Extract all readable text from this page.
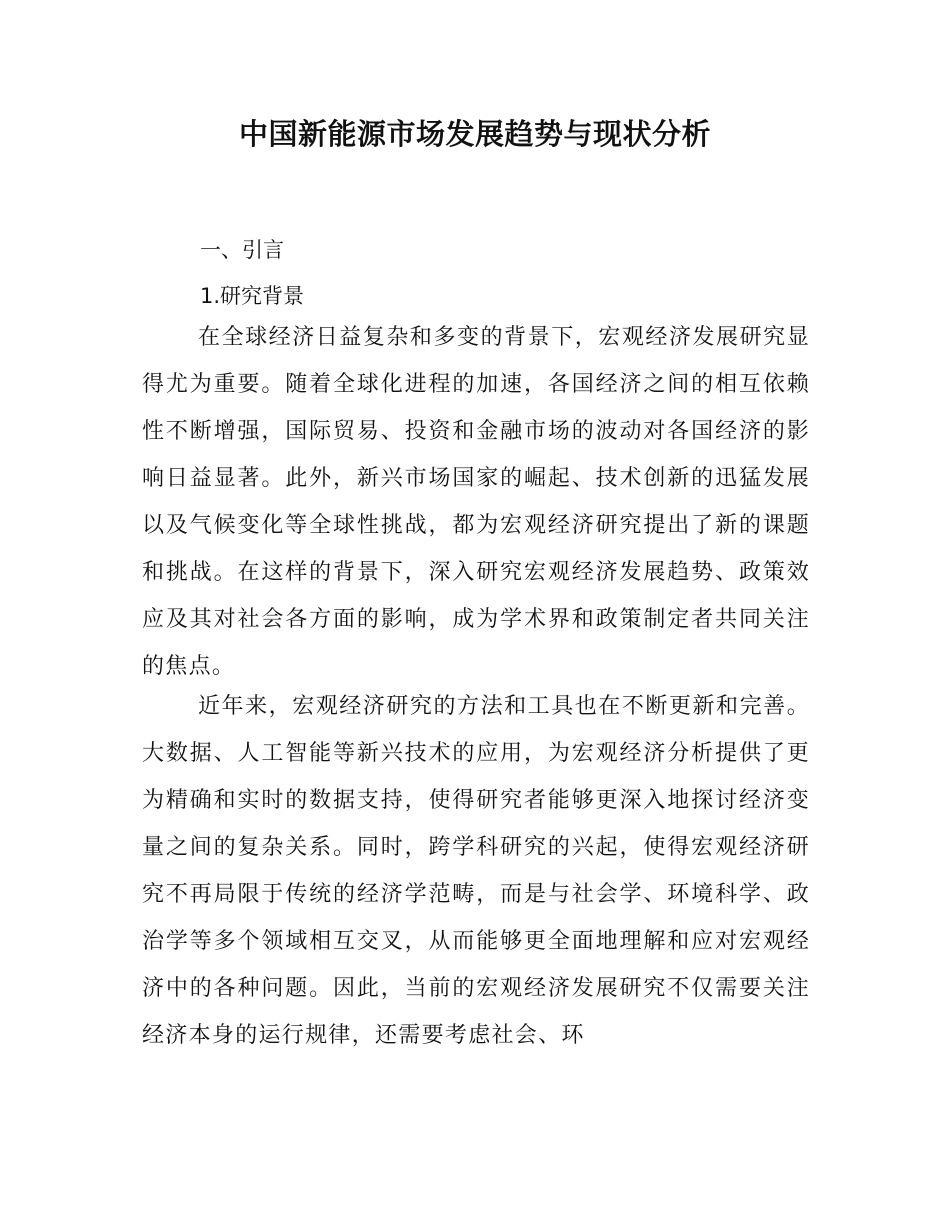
中国新能源市场发展趋势与现状分析
一、引言
1.研究背景
在全球经济日益复杂和多变的背景下，宏观经济发展研究显得尤为重要。随着全球化进程的加速，各国经济之间的相互依赖性不断增强，国际贸易、投资和金融市场的波动对各国经济的影响日益显著。此外，新兴市场国家的崛起、技术创新的迅猛发展以及气候变化等全球性挑战，都为宏观经济研究提出了新的课题和挑战。在这样的背景下，深入研究宏观经济发展趋势、政策效应及其对社会各方面的影响，成为学术界和政策制定者共同关注的焦点。
近年来，宏观经济研究的方法和工具也在不断更新和完善。大数据、人工智能等新兴技术的应用，为宏观经济分析提供了更为精确和实时的数据支持，使得研究者能够更深入地探讨经济变量之间的复杂关系。同时，跨学科研究的兴起，使得宏观经济研究不再局限于传统的经济学范畴，而是与社会学、环境科学、政治学等多个领域相互交叉，从而能够更全面地理解和应对宏观经济中的各种问题。因此，当前的宏观经济发展研究不仅需要关注经济本身的运行规律，还需要考虑社会、环
